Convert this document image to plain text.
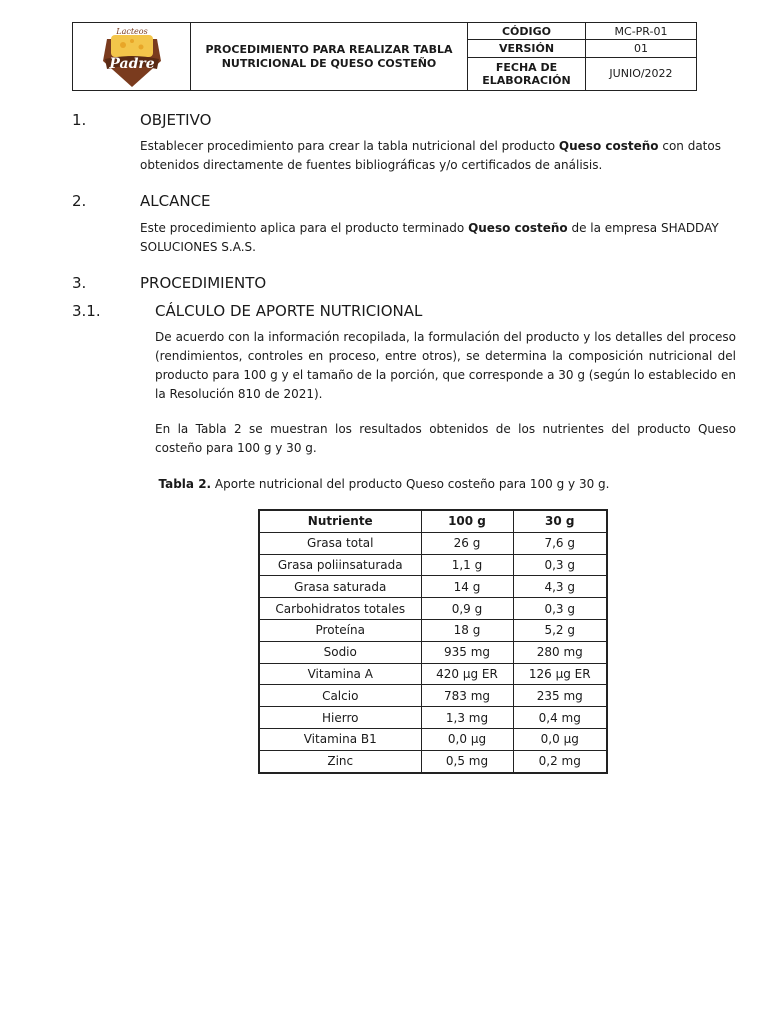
Lacteos
Padre	PROCEDIMIENTO PARA REALIZAR TABLA NUTRICIONAL DE QUESO COSTEÑO	CÓDIGO	MC-PR-01
		VERSIÓN	01
		FECHA DE
ELABORACIÓN	JUNIO/2022
1.	OBJETIVO
Establecer procedimiento para crear la tabla nutricional del producto Queso costeño con datos obtenidos directamente de fuentes bibliográficas y/o certificados de análisis.
2.	ALCANCE
Este procedimiento aplica para el producto terminado Queso costeño de la empresa SHADDAY SOLUCIONES S.A.S.
3.	PROCEDIMIENTO
3.1.	CÁLCULO DE APORTE NUTRICIONAL
De acuerdo con la información recopilada, la formulación del producto y los detalles del proceso (rendimientos, controles en proceso, entre otros), se determina la composición nutricional del producto para 100 g y el tamaño de la porción, que corresponde a 30 g (según lo establecido en la Resolución 810 de 2021).
En la Tabla 2 se muestran los resultados obtenidos de los nutrientes del producto Queso costeño para 100 g y 30 g.
Tabla 2. Aporte nutricional del producto Queso costeño para 100 g y 30 g.
Nutriente	100 g	30 g
Grasa total	26 g	7,6 g
Grasa poliinsaturada	1,1 g	0,3 g
Grasa saturada	14 g	4,3 g
Carbohidratos totales	0,9 g	0,3 g
Proteína	18 g	5,2 g
Sodio	935 mg	280 mg
Vitamina A	420 µg ER	126 µg ER
Calcio	783 mg	235 mg
Hierro	1,3 mg	0,4 mg
Vitamina B1	0,0 µg	0,0 µg
Zinc	0,5 mg	0,2 mg
